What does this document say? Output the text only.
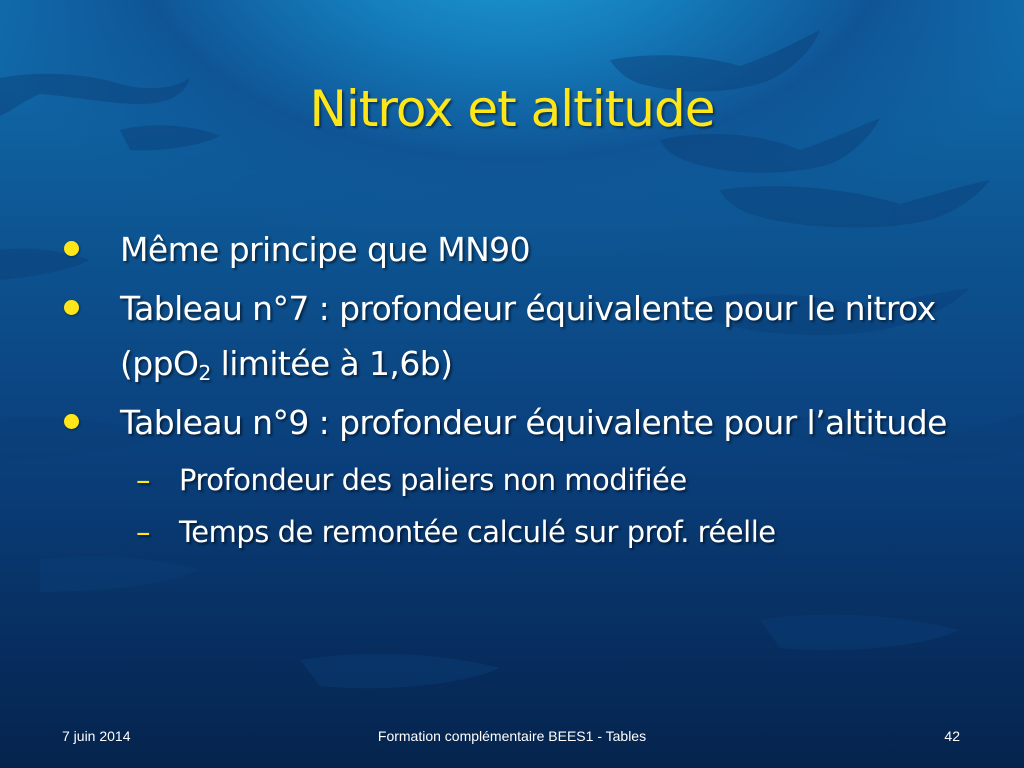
Nitrox et altitude
Même principe que MN90
Tableau n°7 : profondeur équivalente pour le nitrox (ppO$_2$ limitée à 1,6b)
Tableau n°9 : profondeur équivalente pour l’altitude
– Profondeur des paliers non modifiée
– Temps de remontée calculé sur prof. réelle
Formation complémentaire BEES1 - Tables
7 juin 2014	42
